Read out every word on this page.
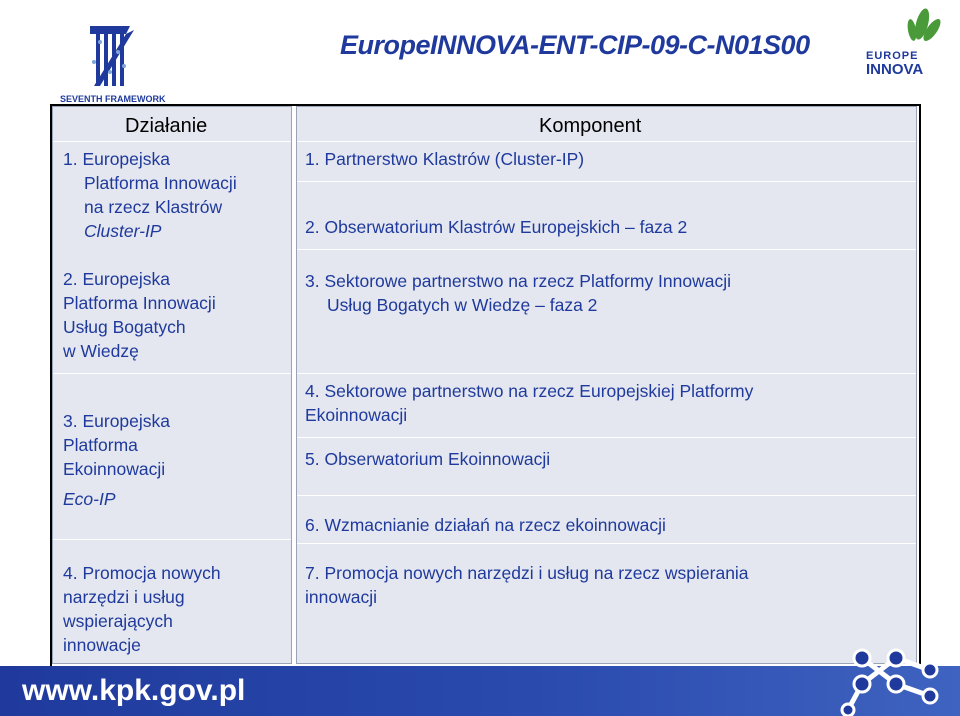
SEVENTH FRAMEWORK
EuropeINNOVA-ENT-CIP-09-C-N01S00	EUROPE
INNOVA
Działanie
1. Europejska
Platforma Innowacji
na rzecz Klastrów
Cluster-IP
2. Europejska
Platforma Innowacji
Usług Bogatych
w Wiedzę
3. Europejska
Platforma
Ekoinnowacji
Eco-IP
4. Promocja nowych
narzędzi i usług
wspierających
innowacje
Komponent
1. Partnerstwo Klastrów (Cluster-IP)
2. Obserwatorium Klastrów Europejskich – faza 2
3. Sektorowe partnerstwo na rzecz Platformy Innowacji
Usług Bogatych w Wiedzę – faza 2
4. Sektorowe partnerstwo na rzecz Europejskiej Platformy
Ekoinnowacji
5. Obserwatorium Ekoinnowacji
6. Wzmacnianie działań na rzecz ekoinnowacji
7. Promocja nowych narzędzi i usług na rzecz wspierania
innowacji
www.kpk.gov.pl
